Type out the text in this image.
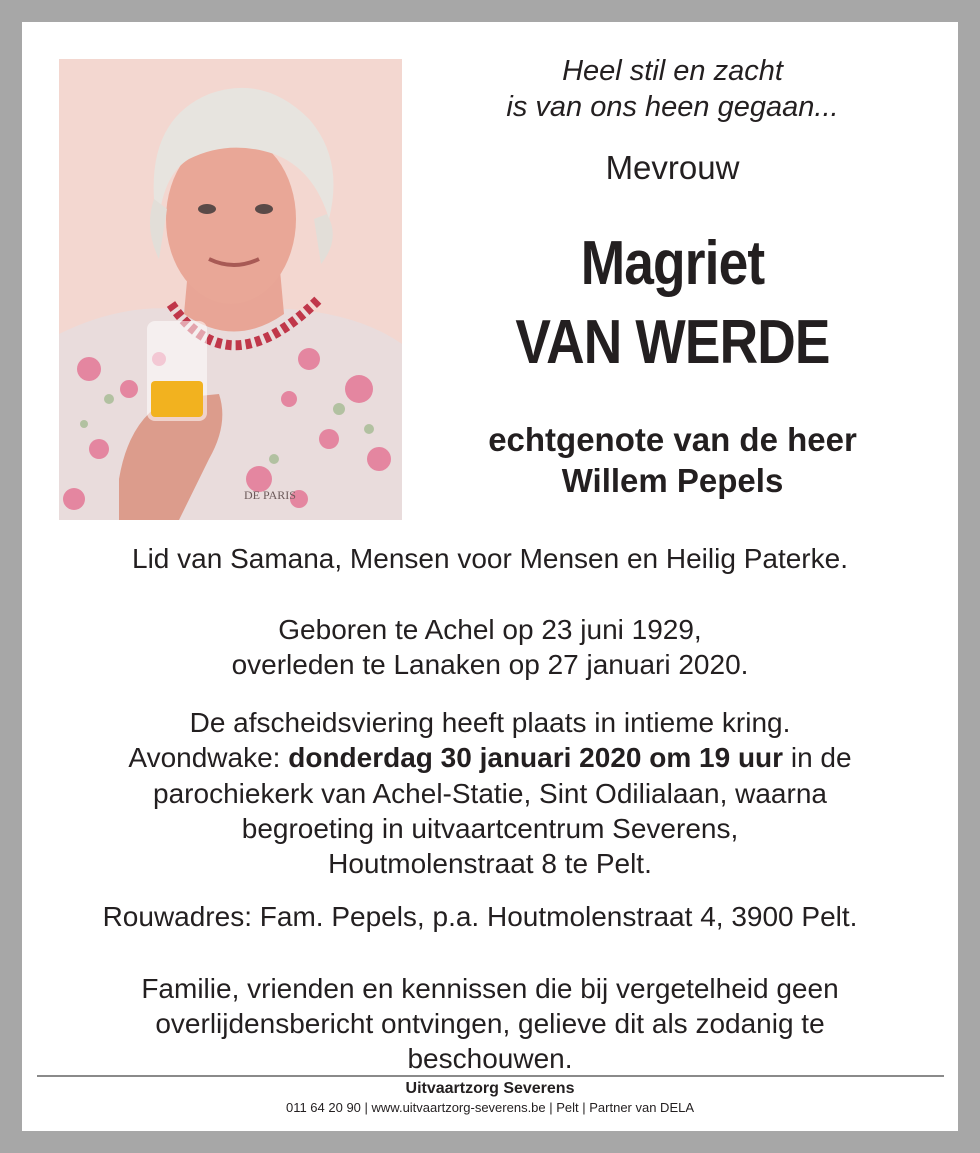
DE PARIS
Heel stil en zacht
is van ons heen gegaan...
Mevrouw
Magriet
VAN WERDE
echtgenote van de heer
Willem Pepels
Lid van Samana, Mensen voor Mensen en Heilig Paterke.
Geboren te Achel op 23 juni 1929,
overleden te Lanaken op 27 januari 2020.
De afscheidsviering heeft plaats in intieme kring.
Avondwake: donderdag 30 januari 2020 om 19 uur in de
parochiekerk van Achel-Statie, Sint Odilialaan, waarna
begroeting in uitvaartcentrum Severens,
Houtmolenstraat 8 te Pelt.
Rouwadres: Fam. Pepels, p.a. Houtmolenstraat 4, 3900 Pelt.
Familie, vrienden en kennissen die bij vergetelheid geen
overlijdensbericht ontvingen, gelieve dit als zodanig te
beschouwen.
Uitvaartzorg Severens
011 64 20 90 | www.uitvaartzorg-severens.be | Pelt | Partner van DELA
